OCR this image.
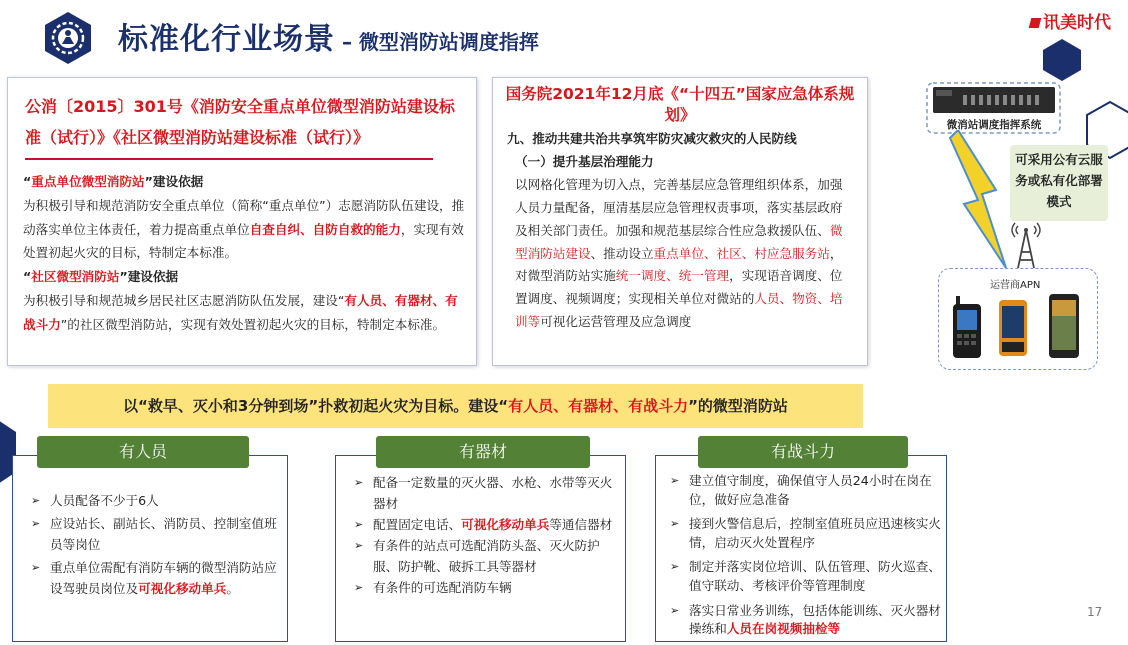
标准化行业场景 – 微型消防站调度指挥
讯美时代
公消〔2015〕301号《消防安全重点单位微型消防站建设标准（试行）》《社区微型消防站建设标准（试行）》

“重点单位微型消防站”建设依据

为积极引导和规范消防安全重点单位（简称“重点单位”）志愿消防队伍建设，推动落实单位主体责任，着力提高重点单位自查自纠、自防自救的能力，实现有效处置初起火灾的目标，特制定本标准。

“社区微型消防站”建设依据

为积极引导和规范城乡居民社区志愿消防队伍发展，建设“有人员、有器材、有战斗力”的社区微型消防站，实现有效处置初起火灾的目标，特制定本标准。

国务院2021年12月底《“十四五”国家应急体系规划》

九、推动共建共治共享筑牢防灾减灾救灾的人民防线

（一）提升基层治理能力

以网格化管理为切入点，完善基层应急管理组织体系，加强人员力量配备，厘清基层应急管理权责事项，落实基层政府及相关部门责任。加强和规范基层综合性应急救援队伍、微型消防站建设、推动设立重点单位、社区、村应急服务站，对微型消防站实施统一调度、统一管理，实现语音调度、位置调度、视频调度；实现相关单位对微站的人员、物资、培训等可视化运营管理及应急调度

微消站调度指挥系统
可采用公有云服务或私有化部署模式
运营商APN
以“救早、灭小和3分钟到场”扑救初起火灾为目标。建设“有人员、有器材、有战斗力”的微型消防站
➢ 人员配备不少于6人
➢ 应设站长、副站长、消防员、控制室值班员等岗位
➢ 重点单位需配有消防车辆的微型消防站应设驾驶员岗位及可视化移动单兵。
➢ 配备一定数量的灭火器、水枪、水带等灭火器材
➢ 配置固定电话、可视化移动单兵等通信器材
➢ 有条件的站点可选配消防头盔、灭火防护服、防护靴、破拆工具等器材
➢ 有条件的可选配消防车辆
➢ 建立值守制度，确保值守人员24小时在岗在位，做好应急准备
➢ 接到火警信息后，控制室值班员应迅速核实火情，启动灭火处置程序
➢ 制定并落实岗位培训、队伍管理、防火巡查、值守联动、考核评价等管理制度
➢ 落实日常业务训练，包括体能训练、灭火器材操练和人员在岗视频抽检等
有人员	有器材	有战斗力
17
